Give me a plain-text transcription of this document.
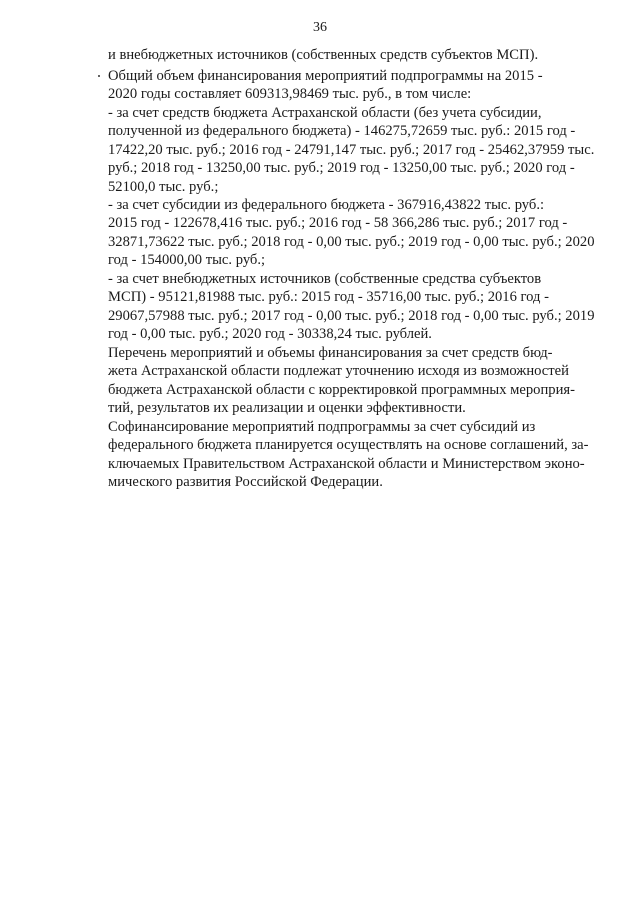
36
и внебюджетных источников (собственных средств субъектов МСП).
Общий объем финансирования мероприятий подпрограммы на 2015 -
2020 годы составляет 609313,98469 тыс. руб., в том числе:
- за счет средств бюджета Астраханской области (без учета субсидии,
полученной из федерального бюджета) - 146275,72659 тыс. руб.: 2015 год -
17422,20 тыс. руб.; 2016 год - 24791,147 тыс. руб.; 2017 год - 25462,37959 тыс.
руб.; 2018 год - 13250,00 тыс. руб.; 2019 год - 13250,00 тыс. руб.; 2020 год -
52100,0 тыс. руб.;
- за счет субсидии из федерального бюджета - 367916,43822 тыс. руб.:
2015 год - 122678,416 тыс. руб.; 2016 год - 58 366,286 тыс. руб.; 2017 год -
32871,73622 тыс. руб.; 2018 год - 0,00 тыс. руб.; 2019 год - 0,00 тыс. руб.; 2020
год - 154000,00 тыс. руб.;
- за счет внебюджетных источников (собственные средства субъектов
МСП) - 95121,81988 тыс. руб.: 2015 год - 35716,00 тыс. руб.; 2016 год -
29067,57988 тыс. руб.; 2017 год - 0,00 тыс. руб.; 2018 год - 0,00 тыс. руб.; 2019
год - 0,00 тыс. руб.; 2020 год - 30338,24 тыс. рублей.
Перечень мероприятий и объемы финансирования за счет средств бюд-
жета Астраханской области подлежат уточнению исходя из возможностей
бюджета Астраханской области с корректировкой программных мероприя-
тий, результатов их реализации и оценки эффективности.
Софинансирование мероприятий подпрограммы за счет субсидий из
федерального бюджета планируется осуществлять на основе соглашений, за-
ключаемых Правительством Астраханской области и Министерством эконо-
мического развития Российской Федерации.
